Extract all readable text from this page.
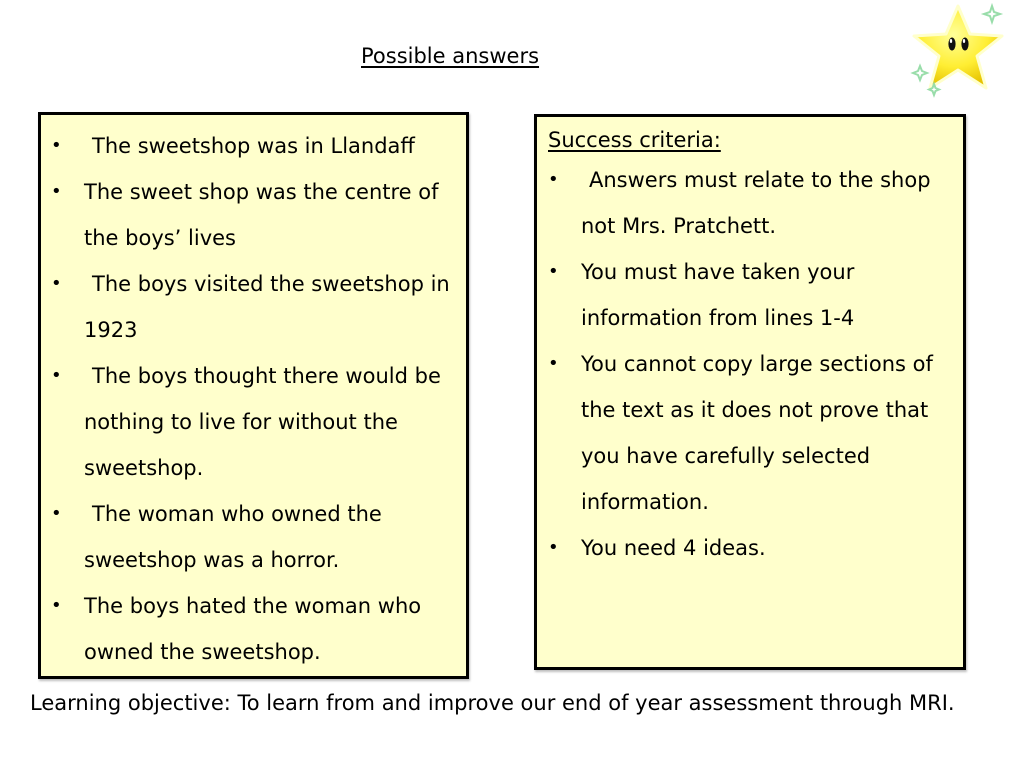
Possible answers
• The sweetshop was in Llandaff
• The sweet shop was the centre of the boys’ lives
• The boys visited the sweetshop in 1923
• The boys thought there would be nothing to live for without the sweetshop.
• The woman who owned the sweetshop was a horror.
• The boys hated the woman who owned the sweetshop.
Success criteria:
• Answers must relate to the shop not Mrs. Pratchett.
• You must have taken your information from lines 1-4
• You cannot copy large sections of the text as it does not prove that you have carefully selected information.
• You need 4 ideas.
Learning objective: To learn from and improve our end of year assessment through MRI.
